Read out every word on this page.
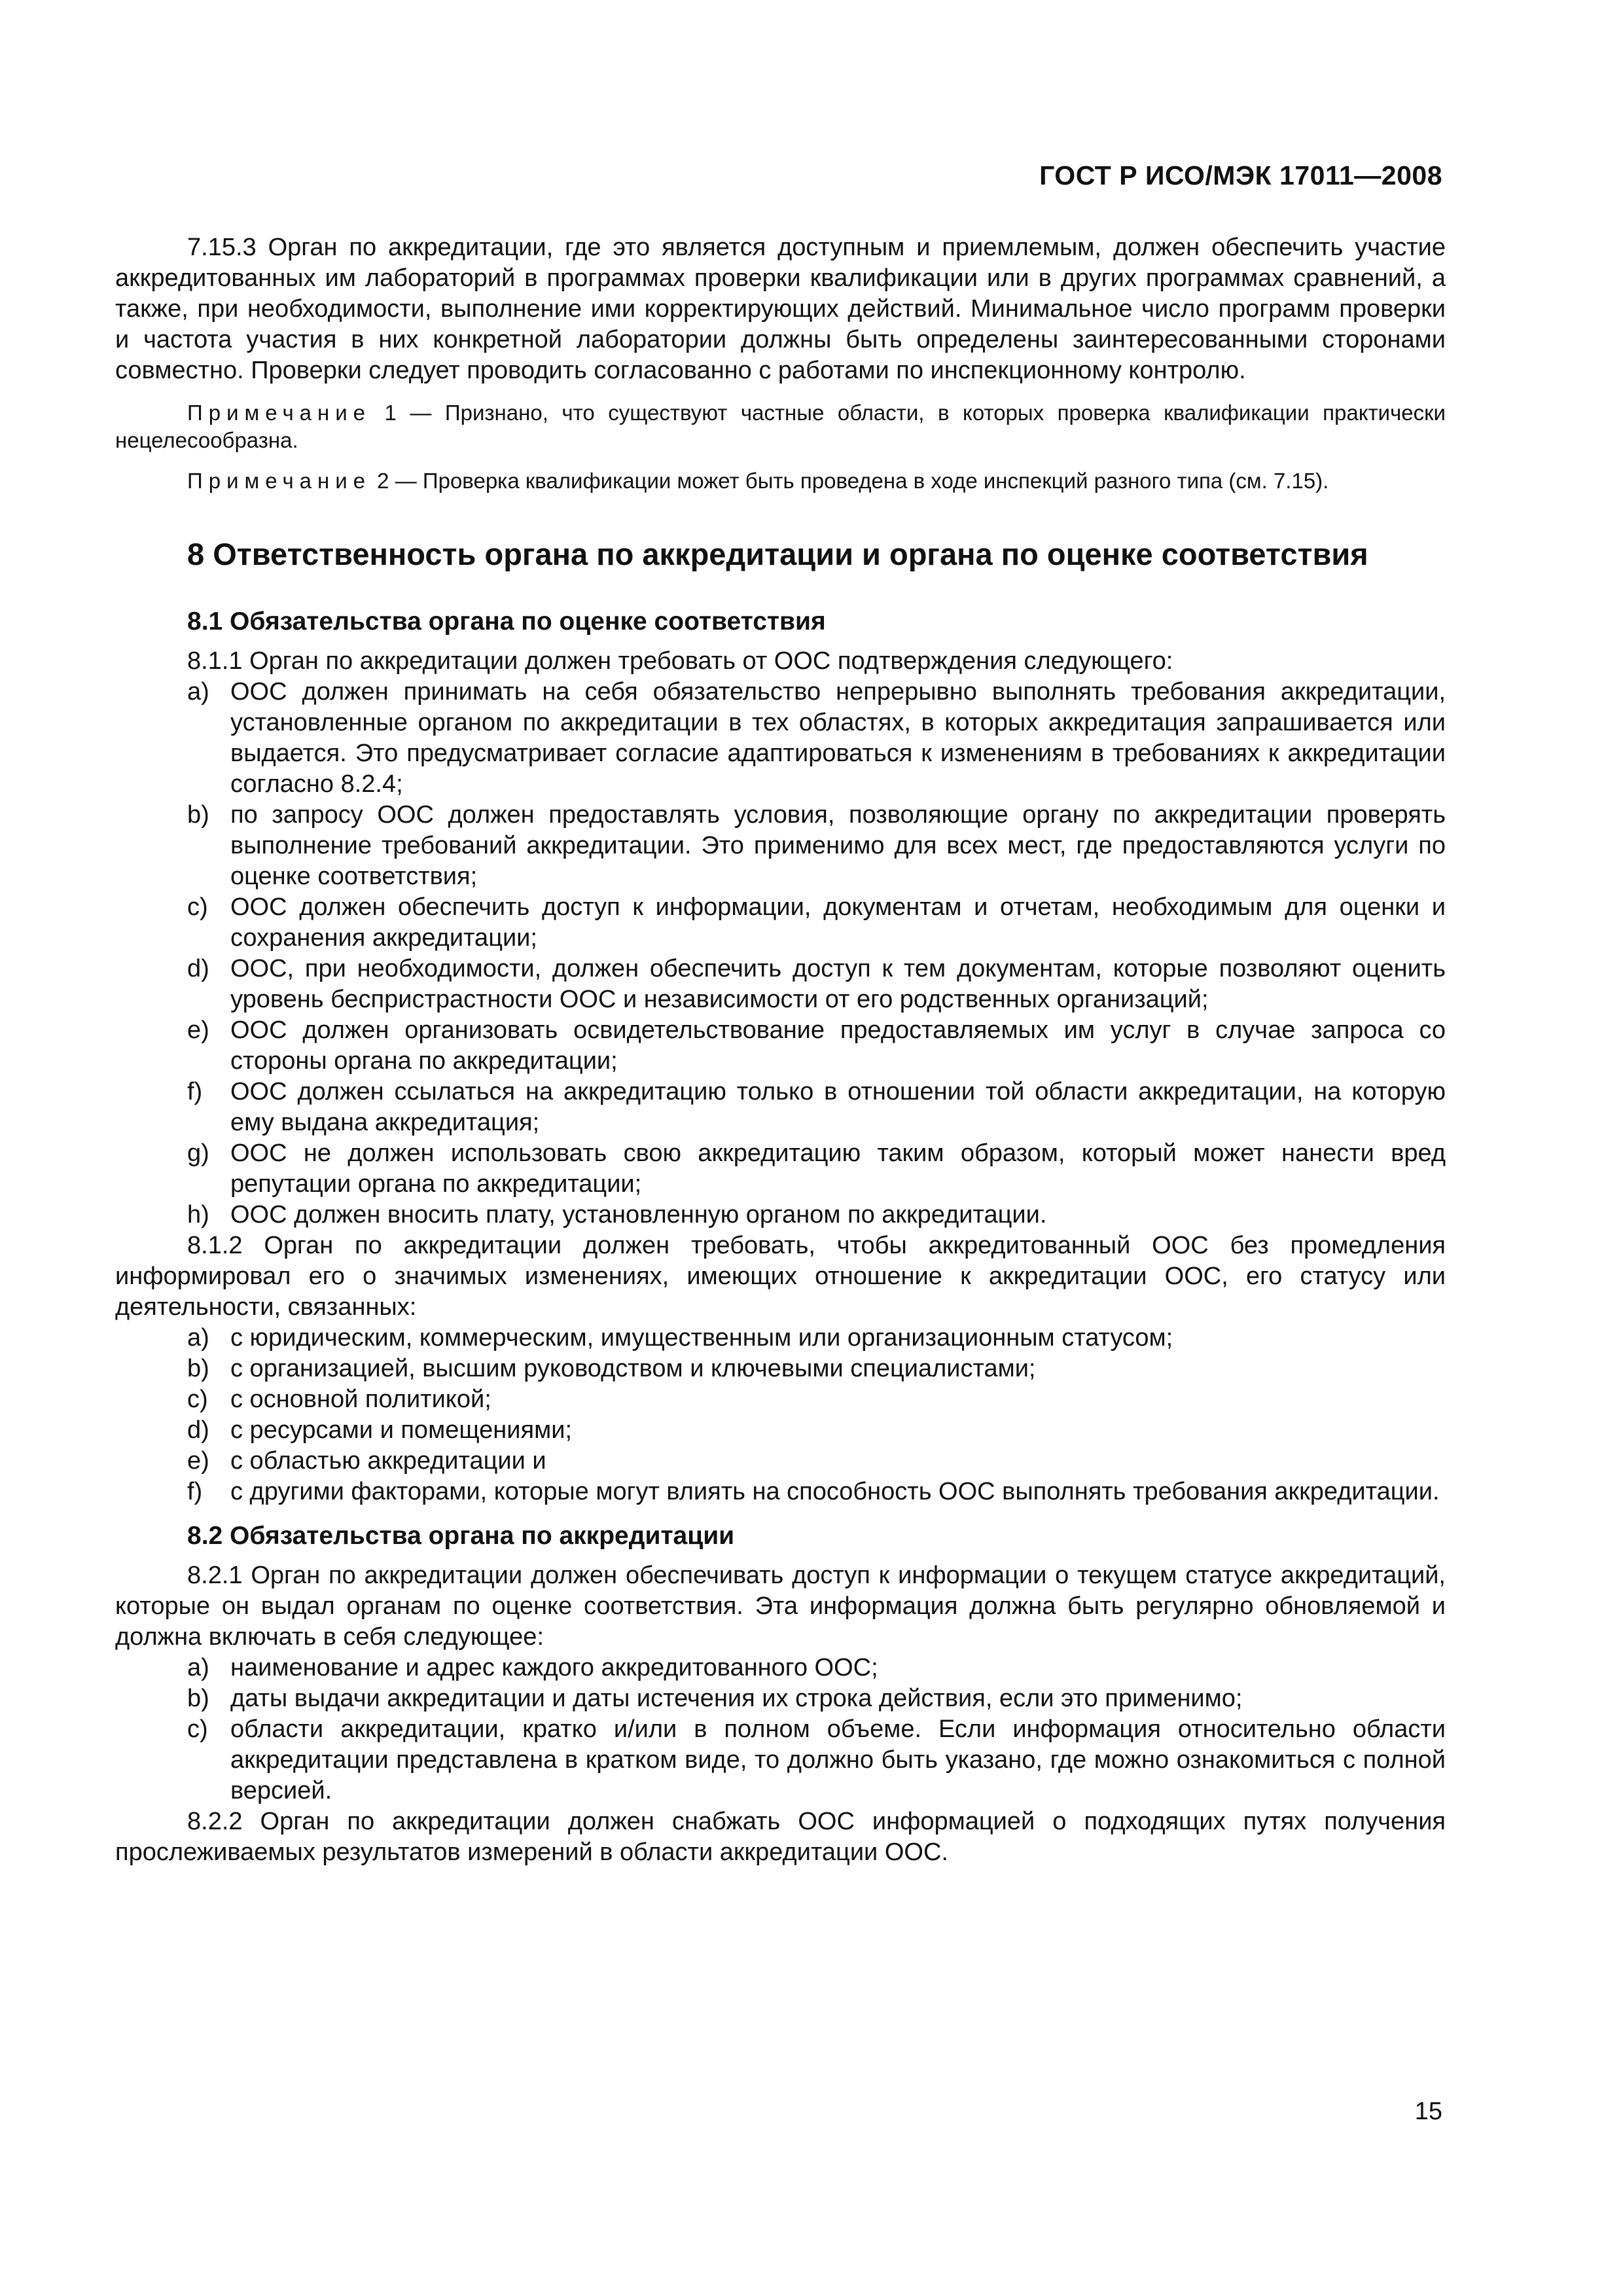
ГОСТ Р ИСО/МЭК 17011—2008

7.15.3 Орган по аккредитации, где это является доступным и приемлемым, должен обеспечить участие аккредитованных им лабораторий в программах проверки квалификации или в других программах сравнений, а также, при необходимости, выполнение ими корректирующих действий. Минимальное число программ проверки и частота участия в них конкретной лаборатории должны быть определены заинтересованными сторонами совместно. Проверки следует проводить согласованно с работами по инспекционному контролю.

Примечание 1 — Признано, что существуют частные области, в которых проверка квалификации практически нецелесообразна.

Примечание 2 — Проверка квалификации может быть проведена в ходе инспекций разного типа (см. 7.15).

8 Ответственность органа по аккредитации и органа по оценке соответствия
8.1 Обязательства органа по оценке соответствия

8.1.1 Орган по аккредитации должен требовать от ООС подтверждения следующего:

a) ООС должен принимать на себя обязательство непрерывно выполнять требования аккредитации, установленные органом по аккредитации в тех областях, в которых аккредитация запрашивается или выдается. Это предусматривает согласие адаптироваться к изменениям в требованиях к аккредитации согласно 8.2.4;
b) по запросу ООС должен предоставлять условия, позволяющие органу по аккредитации проверять выполнение требований аккредитации. Это применимо для всех мест, где предоставляются услуги по оценке соответствия;
c) ООС должен обеспечить доступ к информации, документам и отчетам, необходимым для оценки и сохранения аккредитации;
d) ООС, при необходимости, должен обеспечить доступ к тем документам, которые позволяют оценить уровень беспристрастности ООС и независимости от его родственных организаций;
e) ООС должен организовать освидетельствование предоставляемых им услуг в случае запроса со стороны органа по аккредитации;
f) ООС должен ссылаться на аккредитацию только в отношении той области аккредитации, на которую ему выдана аккредитация;
g) ООС не должен использовать свою аккредитацию таким образом, который может нанести вред репутации органа по аккредитации;
h) ООС должен вносить плату, установленную органом по аккредитации.

8.1.2 Орган по аккредитации должен требовать, чтобы аккредитованный ООС без промедления информировал его о значимых изменениях, имеющих отношение к аккредитации ООС, его статусу или деятельности, связанных:

a) с юридическим, коммерческим, имущественным или организационным статусом;
b) с организацией, высшим руководством и ключевыми специалистами;
c) с основной политикой;
d) с ресурсами и помещениями;
e) с областью аккредитации и
f) с другими факторами, которые могут влиять на способность ООС выполнять требования аккредитации.
8.2 Обязательства органа по аккредитации

8.2.1 Орган по аккредитации должен обеспечивать доступ к информации о текущем статусе аккредитаций, которые он выдал органам по оценке соответствия. Эта информация должна быть регулярно обновляемой и должна включать в себя следующее:

a) наименование и адрес каждого аккредитованного ООС;
b) даты выдачи аккредитации и даты истечения их строка действия, если это применимо;
c) области аккредитации, кратко и/или в полном объеме. Если информация относительно области аккредитации представлена в кратком виде, то должно быть указано, где можно ознакомиться с полной версией.

8.2.2 Орган по аккредитации должен снабжать ООС информацией о подходящих путях получения прослеживаемых результатов измерений в области аккредитации ООС.

15
